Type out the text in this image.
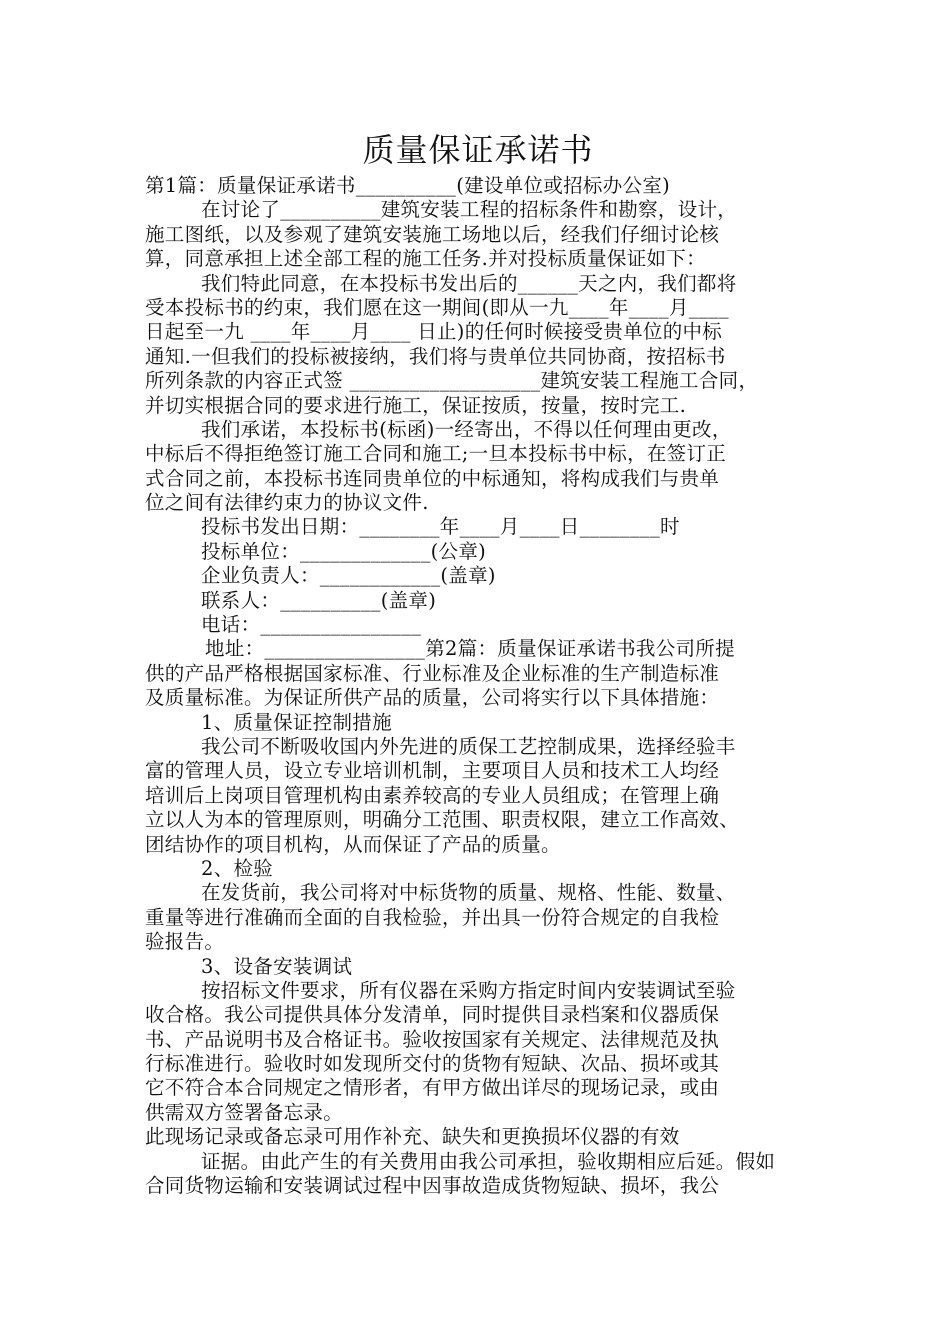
质量保证承诺书
第1篇：质量保证承诺书__________(建设单位或招标办公室)
在讨论了__________建筑安装工程的招标条件和勘察，设计，
施工图纸，以及参观了建筑安装施工场地以后，经我们仔细讨论核
算，同意承担上述全部工程的施工任务.并对投标质量保证如下：
我们特此同意，在本投标书发出后的______天之内，我们都将
受本投标书的约束，我们愿在这一期间(即从一九____年____月____
日起至一九 ____年____月____ 日止)的任何时候接受贵单位的中标
通知.一但我们的投标被接纳，我们将与贵单位共同协商，按招标书
所列条款的内容正式签 ___________________建筑安装工程施工合同，
并切实根据合同的要求进行施工，保证按质，按量，按时完工.
我们承诺，本投标书(标函)一经寄出，不得以任何理由更改，
中标后不得拒绝签订施工合同和施工;一旦本投标书中标，在签订正
式合同之前，本投标书连同贵单位的中标通知，将构成我们与贵单
位之间有法律约束力的协议文件.
投标书发出日期：________年____月____日________时
投标单位：_____________(公章)
企业负责人：____________(盖章)
联系人：__________(盖章)
电话：________________
地址：________________第2篇：质量保证承诺书我公司所提
供的产品严格根据国家标准、行业标准及企业标准的生产制造标准
及质量标准。为保证所供产品的质量，公司将实行以下具体措施：
1、质量保证控制措施
我公司不断吸收国内外先进的质保工艺控制成果，选择经验丰
富的管理人员，设立专业培训机制，主要项目人员和技术工人均经
培训后上岗项目管理机构由素养较高的专业人员组成；在管理上确
立以人为本的管理原则，明确分工范围、职责权限，建立工作高效、
团结协作的项目机构，从而保证了产品的质量。
2、检验
在发货前，我公司将对中标货物的质量、规格、性能、数量、
重量等进行准确而全面的自我检验，并出具一份符合规定的自我检
验报告。
3、设备安装调试
按招标文件要求，所有仪器在采购方指定时间内安装调试至验
收合格。我公司提供具体分发清单，同时提供目录档案和仪器质保
书、产品说明书及合格证书。验收按国家有关规定、法律规范及执
行标准进行。验收时如发现所交付的货物有短缺、次品、损坏或其
它不符合本合同规定之情形者，有甲方做出详尽的现场记录，或由
供需双方签署备忘录。
此现场记录或备忘录可用作补充、缺失和更换损坏仪器的有效
证据。由此产生的有关费用由我公司承担，验收期相应后延。假如
合同货物运输和安装调试过程中因事故造成货物短缺、损坏，我公
